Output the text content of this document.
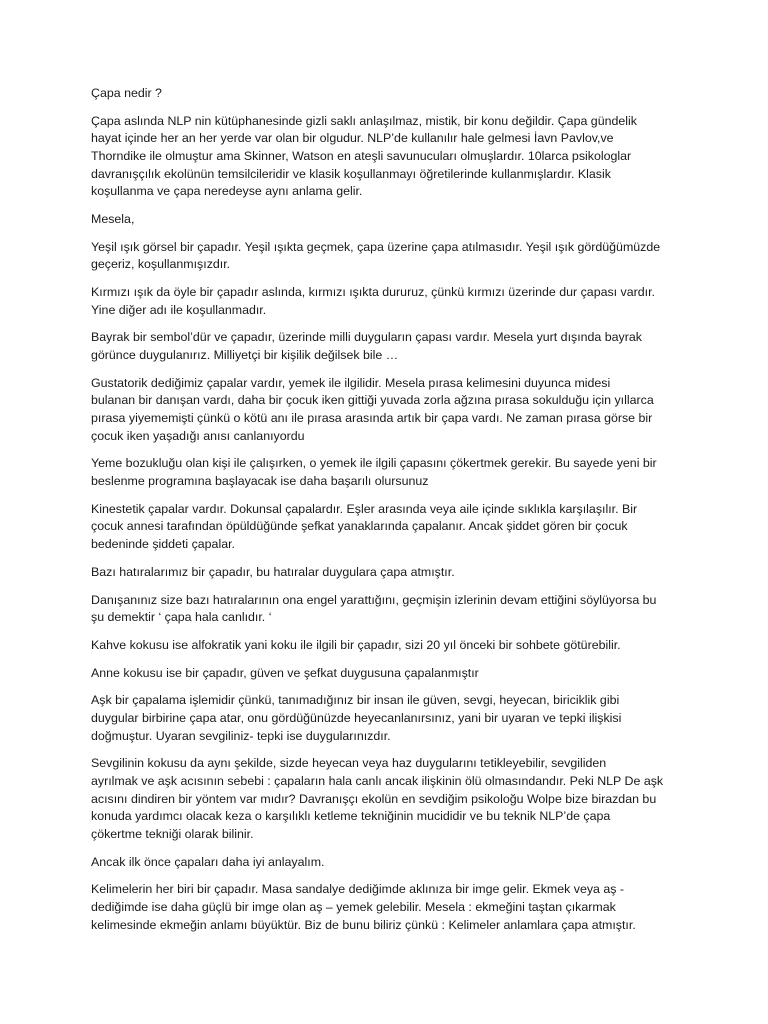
Çapa nedir ?

Çapa aslında NLP nin kütüphanesinde gizli saklı anlaşılmaz, mistik, bir konu değildir. Çapa gündelik
hayat içinde her an her yerde var olan bir olgudur. NLP’de kullanılır hale gelmesi İavn Pavlov,ve
Thorndike ile olmuştur ama Skinner, Watson en ateşli savunucuları olmuşlardır. 10larca psikologlar
davranışçılık ekolünün temsilcileridir ve klasik koşullanmayı öğretilerinde kullanmışlardır. Klasik
koşullanma ve çapa neredeyse aynı anlama gelir.

Mesela,

Yeşil ışık görsel bir çapadır. Yeşil ışıkta geçmek, çapa üzerine çapa atılmasıdır. Yeşil ışık gördüğümüzde
geçeriz, koşullanmışızdır.

Kırmızı ışık da öyle bir çapadır aslında, kırmızı ışıkta dururuz, çünkü kırmızı üzerinde dur çapası vardır.
Yine diğer adı ile koşullanmadır.

Bayrak bir sembol’dür ve çapadır, üzerinde milli duyguların çapası vardır. Mesela yurt dışında bayrak
görünce duygulanırız. Milliyetçi bir kişilik değilsek bile …

Gustatorik dediğimiz çapalar vardır, yemek ile ilgilidir. Mesela pırasa kelimesini duyunca midesi
bulanan bir danışan vardı, daha bir çocuk iken gittiği yuvada zorla ağzına pırasa sokulduğu için yıllarca
pırasa yiyememişti çünkü o kötü anı ile pırasa arasında artık bir çapa vardı. Ne zaman pırasa görse bir
çocuk iken yaşadığı anısı canlanıyordu

Yeme bozukluğu olan kişi ile çalışırken, o yemek ile ilgili çapasını çökertmek gerekir. Bu sayede yeni bir
beslenme programına başlayacak ise daha başarılı olursunuz

Kinestetik çapalar vardır. Dokunsal çapalardır. Eşler arasında veya aile içinde sıklıkla karşılaşılır. Bir
çocuk annesi tarafından öpüldüğünde şefkat yanaklarında çapalanır. Ancak şiddet gören bir çocuk
bedeninde şiddeti çapalar.

Bazı hatıralarımız bir çapadır, bu hatıralar duygulara çapa atmıştır.

Danışanınız size bazı hatıralarının ona engel yarattığını, geçmişin izlerinin devam ettiğini söylüyorsa bu
şu demektir ‘ çapa hala canlıdır. ‘

Kahve kokusu ise alfokratik yani koku ile ilgili bir çapadır, sizi 20 yıl önceki bir sohbete götürebilir.

Anne kokusu ise bir çapadır, güven ve şefkat duygusuna çapalanmıştır

Aşk bir çapalama işlemidir çünkü, tanımadığınız bir insan ile güven, sevgi, heyecan, biriciklik gibi
duygular birbirine çapa atar, onu gördüğünüzde heyecanlanırsınız, yani bir uyaran ve tepki ilişkisi
doğmuştur. Uyaran sevgiliniz- tepki ise duygularınızdır.

Sevgilinin kokusu da aynı şekilde, sizde heyecan veya haz duygularını tetikleyebilir, sevgiliden
ayrılmak ve aşk acısının sebebi : çapaların hala canlı ancak ilişkinin ölü olmasındandır. Peki NLP De aşk
acısını dindiren bir yöntem var mıdır? Davranışçı ekolün en sevdiğim psikoloğu Wolpe bize birazdan bu
konuda yardımcı olacak keza o karşılıklı ketleme tekniğinin mucididir ve bu teknik NLP’de çapa
çökertme tekniği olarak bilinir.

Ancak ilk önce çapaları daha iyi anlayalım.

Kelimelerin her biri bir çapadır. Masa sandalye dediğimde aklınıza bir imge gelir. Ekmek veya aş -
dediğimde ise daha güçlü bir imge olan aş – yemek gelebilir. Mesela : ekmeğini taştan çıkarmak
kelimesinde ekmeğin anlamı büyüktür. Biz de bunu biliriz çünkü : Kelimeler anlamlara çapa atmıştır.
